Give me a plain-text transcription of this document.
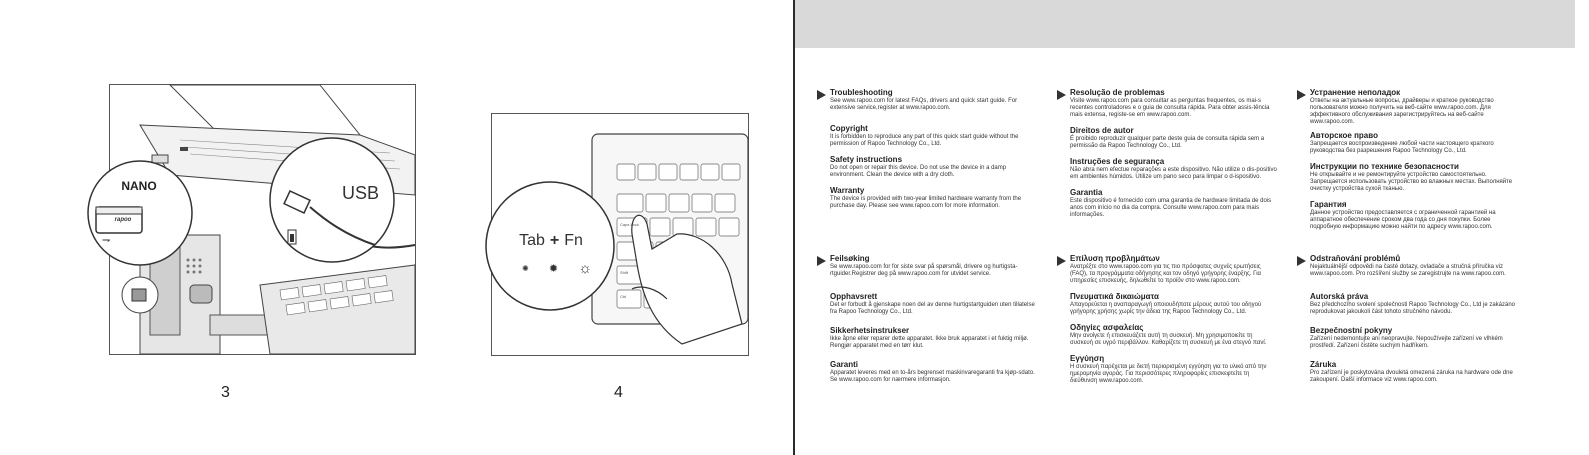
NANO
rapoo
⇁
USB
3
Tab + Fn
✺ ✹ ☼
Caps Lock
Shift
Ctrl
4
Troubleshooting
See www.rapoo.com for latest FAQs, drivers and quick start guide. For extensive service,register at www.rapoo.com.
Copyright
It is forbidden to reproduce any part of this quick start guide without the permission of Rapoo Technology Co., Ltd.
Safety instructions
Do not open or repair this device. Do not use the device in a damp environment. Clean the device with a dry cloth.
Warranty
The device is provided with two-year limited hardware warranty from the purchase day. Please see www.rapoo.com for more information.
Feilsøking
Se www.rapoo.com for for siste svar på spørsmål, drivere og hurtigsta-rtguider.Registrer deg på www.rapoo.com for utvidet service.
Opphavsrett
Det er forbudt å gjenskape noen del av denne hurtigstartguiden uten tillatelse fra Rapoo Technology Co., Ltd.
Sikkerhetsinstrukser
Ikke åpne eller reparer dette apparatet. Ikke bruk apparatet i et fuktig miljø. Rengjør apparatet med en tørr klut.
Garanti
Apparatet leveres med en to-års begrenset maskinvaregaranti fra kjøp-sdato. Se www.rapoo.com for nærmere informasjon.
Resolução de problemas
Visite www.rapoo.com para consultar as perguntas frequentes, os mai-s recentes controladores e o guia de consulta rápida. Para obter assis-tência mais extensa, registe-se em www.rapoo.com.
Direitos de autor
É proibido reproduzir qualquer parte deste guia de consulta rápida sem a permissão da Rapoo Technology Co., Ltd.
Instruções de segurança
Não abra nem efectue reparações a este dispositivo. Não utilize o dis-positivo em ambientes húmidos. Utilize um pano seco para limpar o d-ispositivo.
Garantia
Este dispositivo é fornecido com uma garantia de hardware limitada de dois anos com início no dia da compra. Consulte www.rapoo.com para mais informações.
Επίλυση προβλημάτων
Ανατρέξτε στο www.rapoo.com για τις πιο πρόσφατες συχνές ερωτήσεις (FAQ), τα προγράμματα οδήγησης και τον οδηγό γρήγορης έναρξης. Για υπηρεσίες επισκευής, δηλωθείτε το προϊόν στο www.rapoo.com.
Πνευματικά δικαιώματα
Απαγορεύεται η αναπαραγωγή οποιουδήποτε μέρους αυτού του οδηγού γρήγορης χρήσης χωρίς την άδεια της Rapoo Technology Co., Ltd.
Οδηγίες ασφαλείας
Μην ανοίγετε ή επισκευάζετε αυτή τη συσκευή. Μη χρησιμοποιείτε τη συσκευή σε υγρό περιβάλλον. Καθαρίζετε τη συσκευή με ένα στεγνό πανί.
Εγγύηση
Η συσκευή παρέχεται με διετή περιορισμένη εγγύηση για το υλικό από την ημερομηνία αγοράς. Για περισσότερες πληροφορίες επισκεφτείτε τη διεύθυνση www.rapoo.com.
Устранение неполадок
Ответы на актуальные вопросы, драйверы и краткое руководство пользователя можно получить на веб-сайте www.rapoo.com. Для эффективного обслуживания зарегистрируйтесь на веб-сайте www.rapoo.com.
Авторское право
Запрещается воспроизведение любой части настоящего краткого руководства без разрешения Rapoo Technology Co., Ltd.
Инструкции по технике безопасности
Не открывайте и не ремонтируйте устройство самостоятельно. Запрещается использовать устройство во влажных местах. Выполняйте очистку устройства сухой тканью.
Гарантия
Данное устройство предоставляется с ограниченной гарантией на аппаратное обеспечение сроком два года со дня покупки. Более подробную информацию можно найти по адресу www.rapoo.com.
Odstraňování problémů
Nejaktuálnější odpovědi na časté dotazy, ovladače a stručná příručka viz www.rapoo.com. Pro rozšíření služby se zaregistrujte na www.rapoo.com.
Autorská práva
Bez předchozího svolení společnosti Rapoo Technology Co., Ltd je zakázáno reprodukovat jakoukoli část tohoto stručného návodu.
Bezpečnostní pokyny
Zařízení nedemontujte ani neopravujte. Nepoužívejte zařízení ve vlhkém prostředí. Zařízení čistěte suchým hadříkem.
Záruka
Pro zařízení je poskytována dvouletá omezená záruka na hardware ode dne zakoupení. Další informace viz www.rapoo.com.
